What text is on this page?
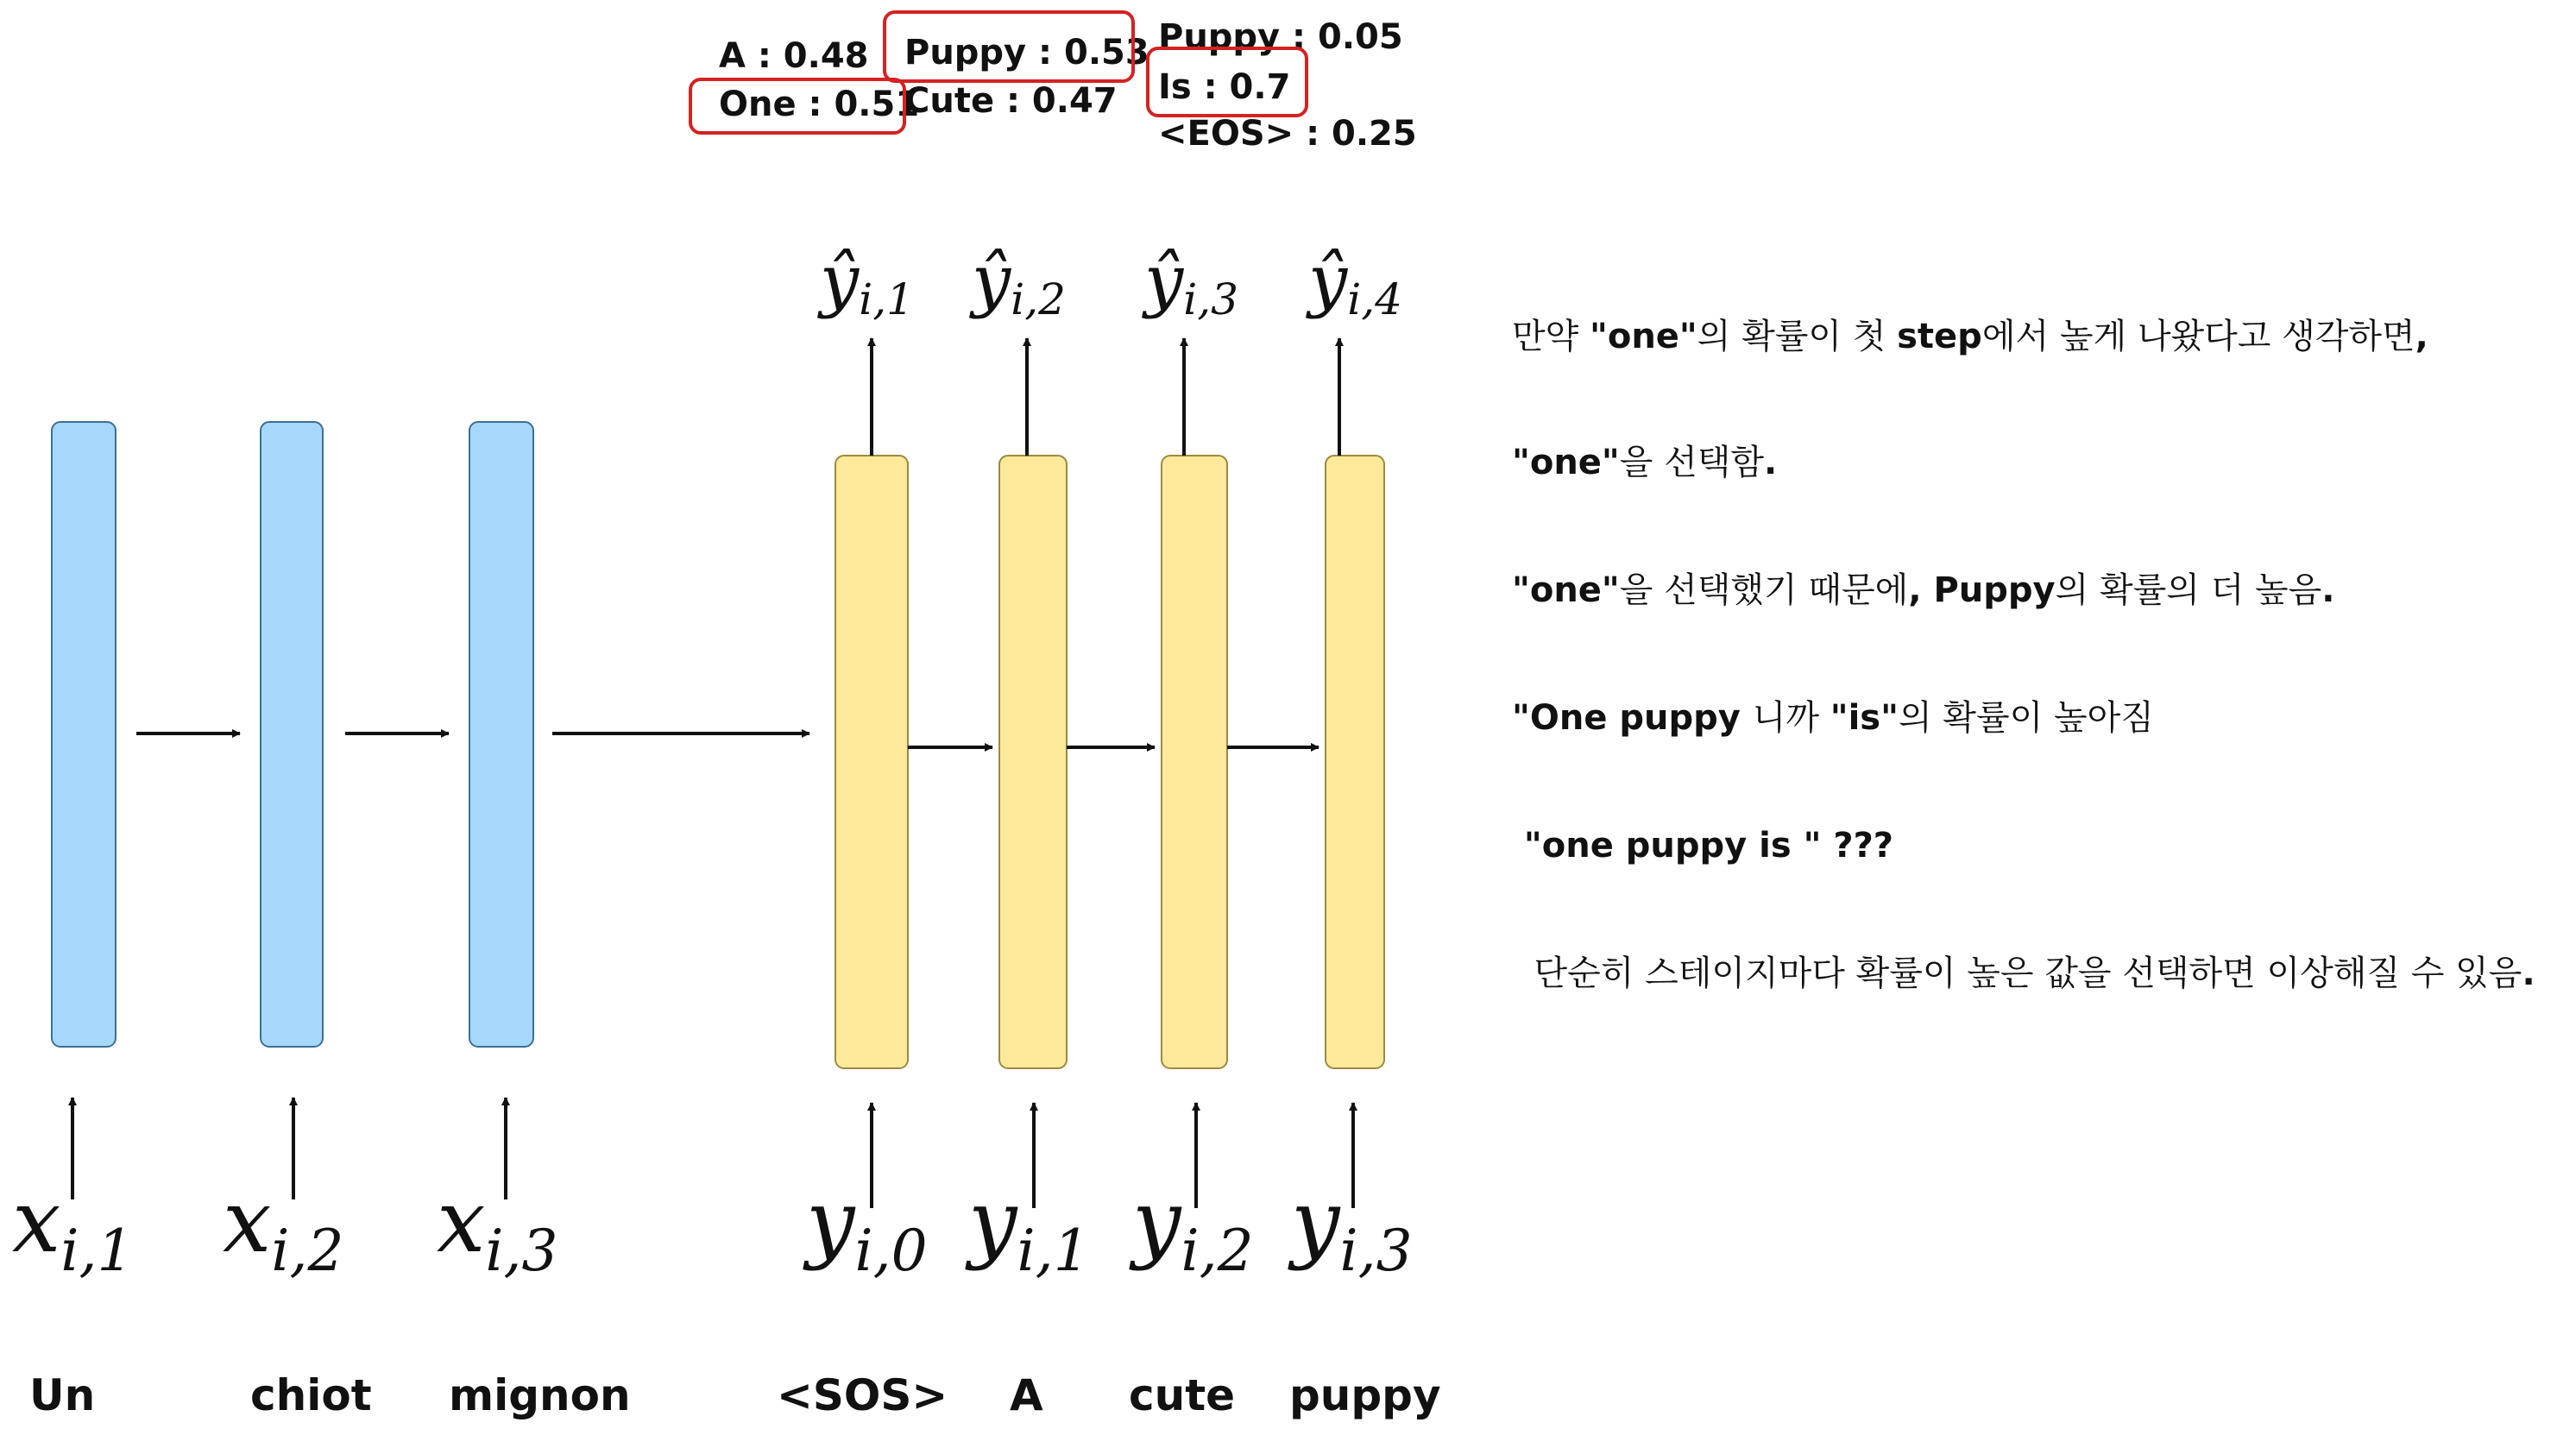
A : 0.48
One : 0.51
Puppy : 0.53
Cute : 0.47
Puppy : 0.05
Is : 0.7
<EOS> : 0.25
ŷi,1 ŷi,2 ŷi,3 ŷi,4
xi,1 xi,2 xi,3	yi,0 yi,1 yi,2 yi,3
Un	chiot mignon	<SOS> A cute puppy
만약 "one"의 확률이 첫 step에서 높게 나왔다고 생각하면,
"one"을 선택함.
"one"을 선택했기 때문에, Puppy의 확률의 더 높음.
"One puppy 니까 "is"의 확률이 높아짐
"one puppy is " ???
단순히 스테이지마다 확률이 높은 값을 선택하면 이상해질 수 있음.
